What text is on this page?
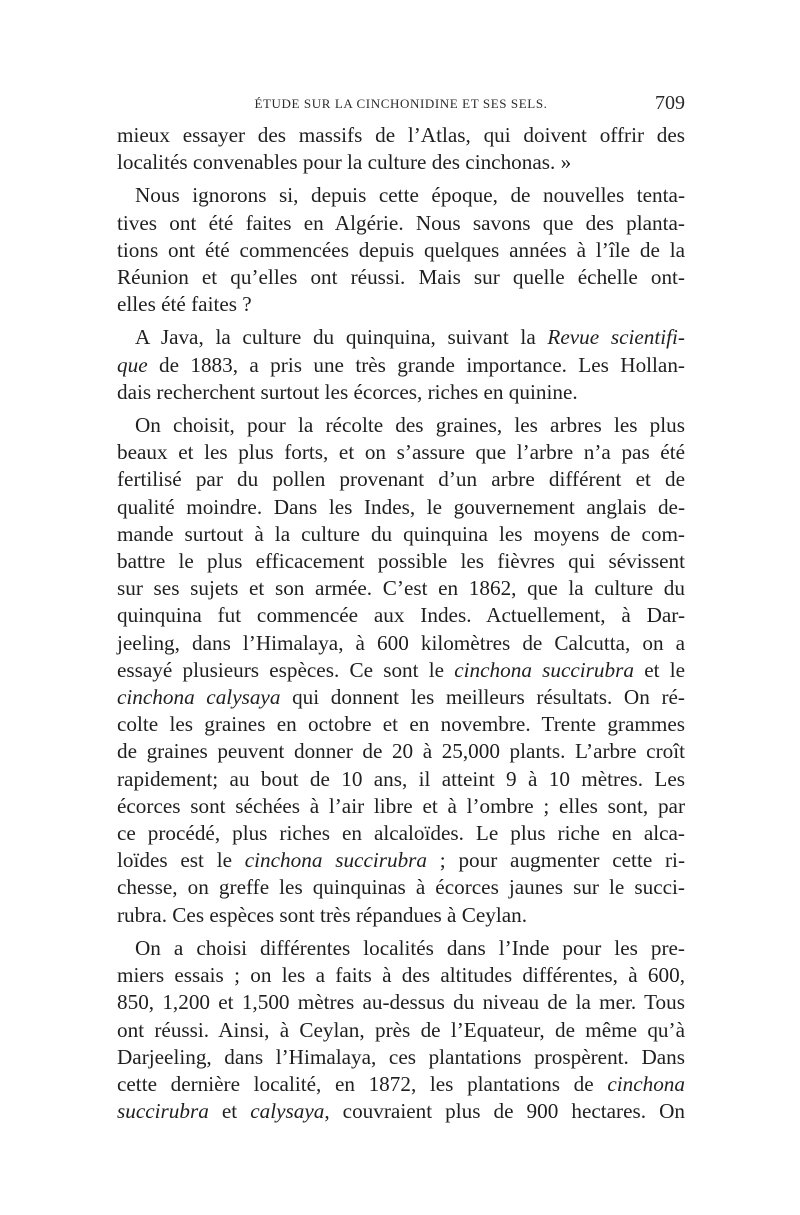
ÉTUDE SUR LA CINCHONIDINE ET SES SELS.	709
mieux essayer des massifs de l’Atlas, qui doivent offrir des
localités convenables pour la culture des cinchonas. »
Nous ignorons si, depuis cette époque, de nouvelles tenta-
tives ont été faites en Algérie. Nous savons que des planta-
tions ont été commencées depuis quelques années à l’île de la
Réunion et qu’elles ont réussi. Mais sur quelle échelle ont-
elles été faites ?
A Java, la culture du quinquina, suivant la Revue scientifi-
que de 1883, a pris une très grande importance. Les Hollan-
dais recherchent surtout les écorces, riches en quinine.
On choisit, pour la récolte des graines, les arbres les plus
beaux et les plus forts, et on s’assure que l’arbre n’a pas été
fertilisé par du pollen provenant d’un arbre différent et de
qualité moindre. Dans les Indes, le gouvernement anglais de-
mande surtout à la culture du quinquina les moyens de com-
battre le plus efficacement possible les fièvres qui sévissent
sur ses sujets et son armée. C’est en 1862, que la culture du
quinquina fut commencée aux Indes. Actuellement, à Dar-
jeeling, dans l’Himalaya, à 600 kilomètres de Calcutta, on a
essayé plusieurs espèces. Ce sont le cinchona succirubra et le
cinchona calysaya qui donnent les meilleurs résultats. On ré-
colte les graines en octobre et en novembre. Trente grammes
de graines peuvent donner de 20 à 25,000 plants. L’arbre croît
rapidement; au bout de 10 ans, il atteint 9 à 10 mètres. Les
écorces sont séchées à l’air libre et à l’ombre ; elles sont, par
ce procédé, plus riches en alcaloïdes. Le plus riche en alca-
loïdes est le cinchona succirubra ; pour augmenter cette ri-
chesse, on greffe les quinquinas à écorces jaunes sur le succi-
rubra. Ces espèces sont très répandues à Ceylan.
On a choisi différentes localités dans l’Inde pour les pre-
miers essais ; on les a faits à des altitudes différentes, à 600,
850, 1,200 et 1,500 mètres au-dessus du niveau de la mer. Tous
ont réussi. Ainsi, à Ceylan, près de l’Equateur, de même qu’à
Darjeeling, dans l’Himalaya, ces plantations prospèrent. Dans
cette dernière localité, en 1872, les plantations de cinchona
succirubra et calysaya, couvraient plus de 900 hectares. On
